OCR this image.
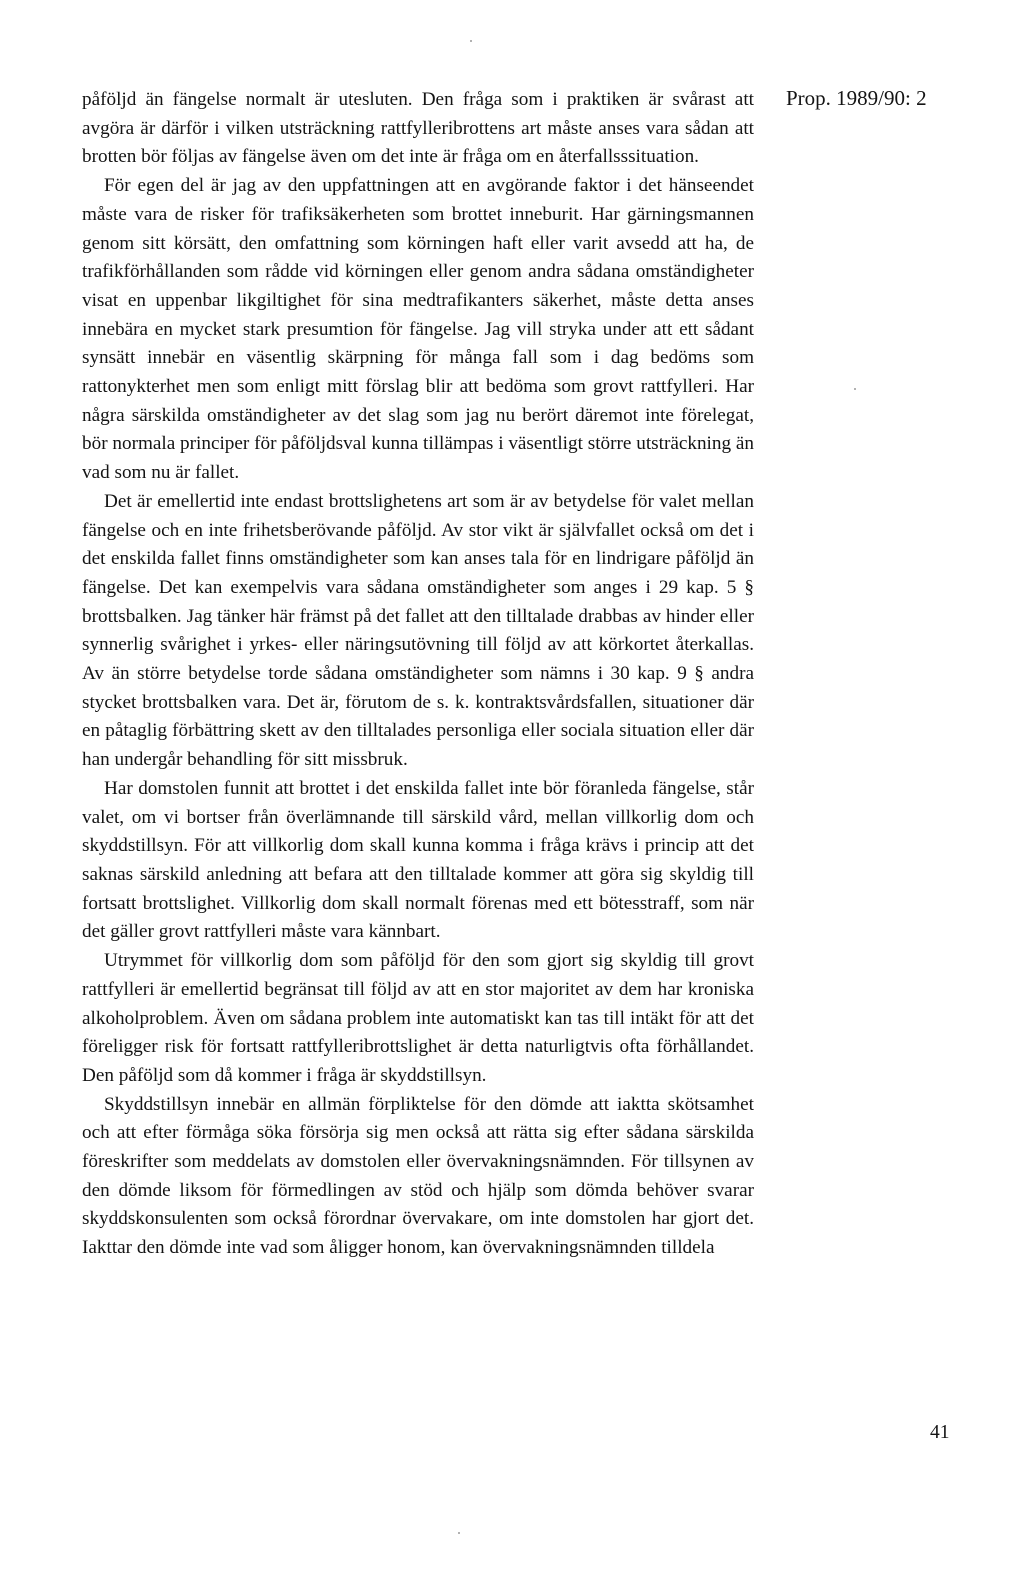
Prop. 1989/90: 2

påföljd än fängelse normalt är utesluten. Den fråga som i praktiken är svårast att avgöra är därför i vilken utsträckning rattfylleribrottens art måste anses vara sådan att brotten bör följas av fängelse även om det inte är fråga om en återfallsssituation.

För egen del är jag av den uppfattningen att en avgörande faktor i det hänseendet måste vara de risker för trafiksäkerheten som brottet inneburit. Har gärningsmannen genom sitt körsätt, den omfattning som körningen haft eller varit avsedd att ha, de trafikförhållanden som rådde vid körningen eller genom andra sådana omständigheter visat en uppenbar likgiltighet för sina medtrafikanters säkerhet, måste detta anses innebära en mycket stark presumtion för fängelse. Jag vill stryka under att ett sådant synsätt innebär en väsentlig skärpning för många fall som i dag bedöms som rattonykterhet men som enligt mitt förslag blir att bedöma som grovt rattfylleri. Har några särskilda omständigheter av det slag som jag nu berört däremot inte förelegat, bör normala principer för påföljdsval kunna tillämpas i väsentligt större utsträckning än vad som nu är fallet.

Det är emellertid inte endast brottslighetens art som är av betydelse för valet mellan fängelse och en inte frihetsberövande påföljd. Av stor vikt är självfallet också om det i det enskilda fallet finns omständigheter som kan anses tala för en lindrigare påföljd än fängelse. Det kan exempelvis vara sådana omständigheter som anges i 29 kap. 5 § brottsbalken. Jag tänker här främst på det fallet att den tilltalade drabbas av hinder eller synnerlig svårighet i yrkes- eller näringsutövning till följd av att körkortet återkallas. Av än större betydelse torde sådana omständigheter som nämns i 30 kap. 9 § andra stycket brottsbalken vara. Det är, förutom de s. k. kontraktsvårdsfallen, situationer där en påtaglig förbättring skett av den tilltalades personliga eller sociala situation eller där han undergår behandling för sitt missbruk.

Har domstolen funnit att brottet i det enskilda fallet inte bör föranleda fängelse, står valet, om vi bortser från överlämnande till särskild vård, mellan villkorlig dom och skyddstillsyn. För att villkorlig dom skall kunna komma i fråga krävs i princip att det saknas särskild anledning att befara att den tilltalade kommer att göra sig skyldig till fortsatt brottslighet. Villkorlig dom skall normalt förenas med ett bötesstraff, som när det gäller grovt rattfylleri måste vara kännbart.

Utrymmet för villkorlig dom som påföljd för den som gjort sig skyldig till grovt rattfylleri är emellertid begränsat till följd av att en stor majoritet av dem har kroniska alkoholproblem. Även om sådana problem inte automatiskt kan tas till intäkt för att det föreligger risk för fortsatt rattfylleribrottslighet är detta naturligtvis ofta förhållandet. Den påföljd som då kommer i fråga är skyddstillsyn.

Skyddstillsyn innebär en allmän förpliktelse för den dömde att iaktta skötsamhet och att efter förmåga söka försörja sig men också att rätta sig efter sådana särskilda föreskrifter som meddelats av domstolen eller övervakningsnämnden. För tillsynen av den dömde liksom för förmedlingen av stöd och hjälp som dömda behöver svarar skyddskonsulenten som också förordnar övervakare, om inte domstolen har gjort det. Iakttar den dömde inte vad som åligger honom, kan övervakningsnämnden tilldela

41
